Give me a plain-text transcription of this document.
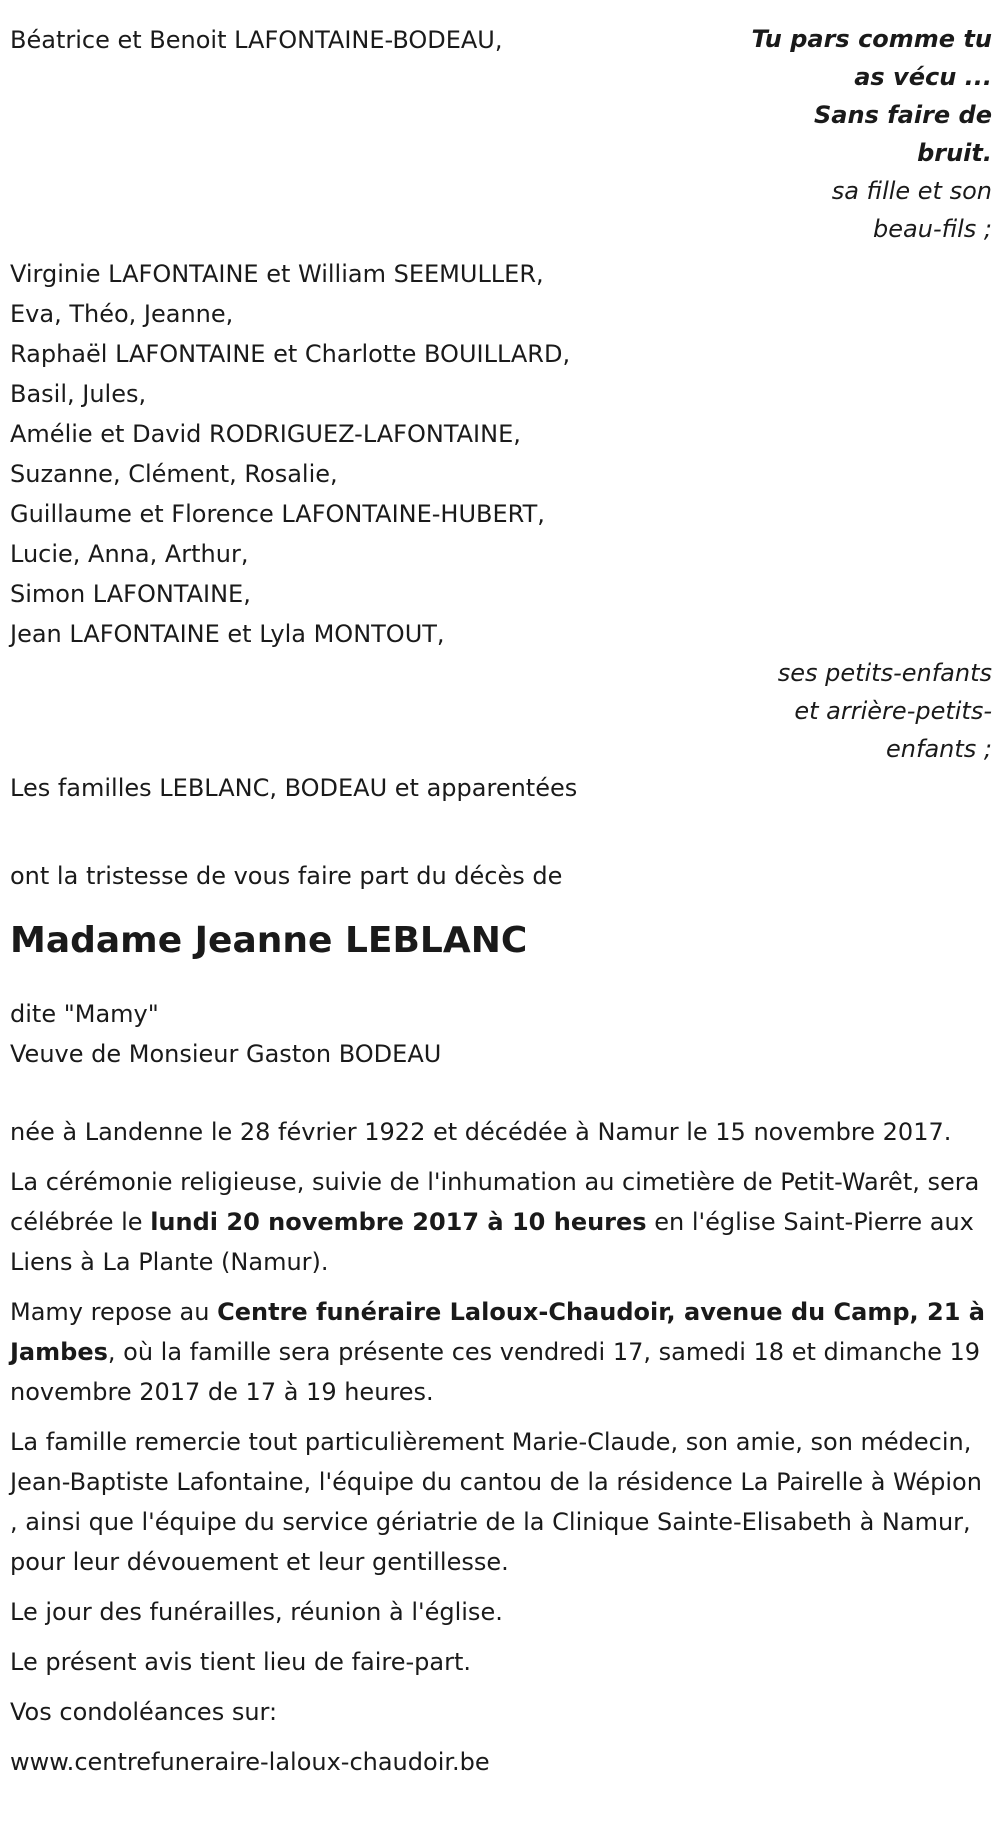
Béatrice et Benoit LAFONTAINE-BODEAU,	Tu pars comme tu
as vécu ...
Sans faire de
bruit.
sa fille et son
beau-fils ;
Virginie LAFONTAINE et William SEEMULLER,
Eva, Théo, Jeanne,
Raphaël LAFONTAINE et Charlotte BOUILLARD,
Basil, Jules,
Amélie et David RODRIGUEZ-LAFONTAINE,
Suzanne, Clément, Rosalie,
Guillaume et Florence LAFONTAINE-HUBERT,
Lucie, Anna, Arthur,
Simon LAFONTAINE,
Jean LAFONTAINE et Lyla MONTOUT,
ses petits-enfants
et arrière-petits-
enfants ;
Les familles LEBLANC, BODEAU et apparentées
ont la tristesse de vous faire part du décès de
Madame Jeanne LEBLANC
dite "Mamy"
Veuve de Monsieur Gaston BODEAU
née à Landenne le 28 février 1922 et décédée à Namur le 15 novembre 2017.
La cérémonie religieuse, suivie de l'inhumation au cimetière de Petit-Warêt, sera célébrée le lundi 20 novembre 2017 à 10 heures en l'église Saint-Pierre aux Liens à La Plante (Namur).
Mamy repose au Centre funéraire Laloux-Chaudoir, avenue du Camp, 21 à Jambes, où la famille sera présente ces vendredi 17, samedi 18 et dimanche 19 novembre 2017 de 17 à 19 heures.
La famille remercie tout particulièrement Marie-Claude, son amie, son médecin, Jean-Baptiste Lafontaine, l'équipe du cantou de la résidence La Pairelle à Wépion , ainsi que l'équipe du service gériatrie de la Clinique Sainte-Elisabeth à Namur, pour leur dévouement et leur gentillesse.
Le jour des funérailles, réunion à l'église.
Le présent avis tient lieu de faire-part.
Vos condoléances sur:
www.centrefuneraire-laloux-chaudoir.be
